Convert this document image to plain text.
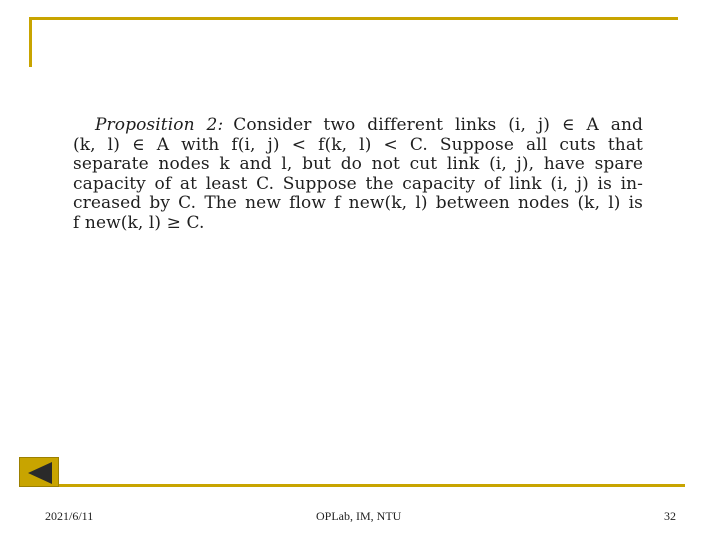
Proposition 2: Consider two different links (i, j) ∈ A and
(k, l) ∈ A with f(i, j) < f(k, l) < C. Suppose all cuts that
separate nodes k and l, but do not cut link (i, j), have spare
capacity of at least C. Suppose the capacity of link (i, j) is in-
creased by C. The new flow f new(k, l) between nodes (k, l) is
f new(k, l) ≥ C.
2021/6/11	OPLab, IM, NTU	32
